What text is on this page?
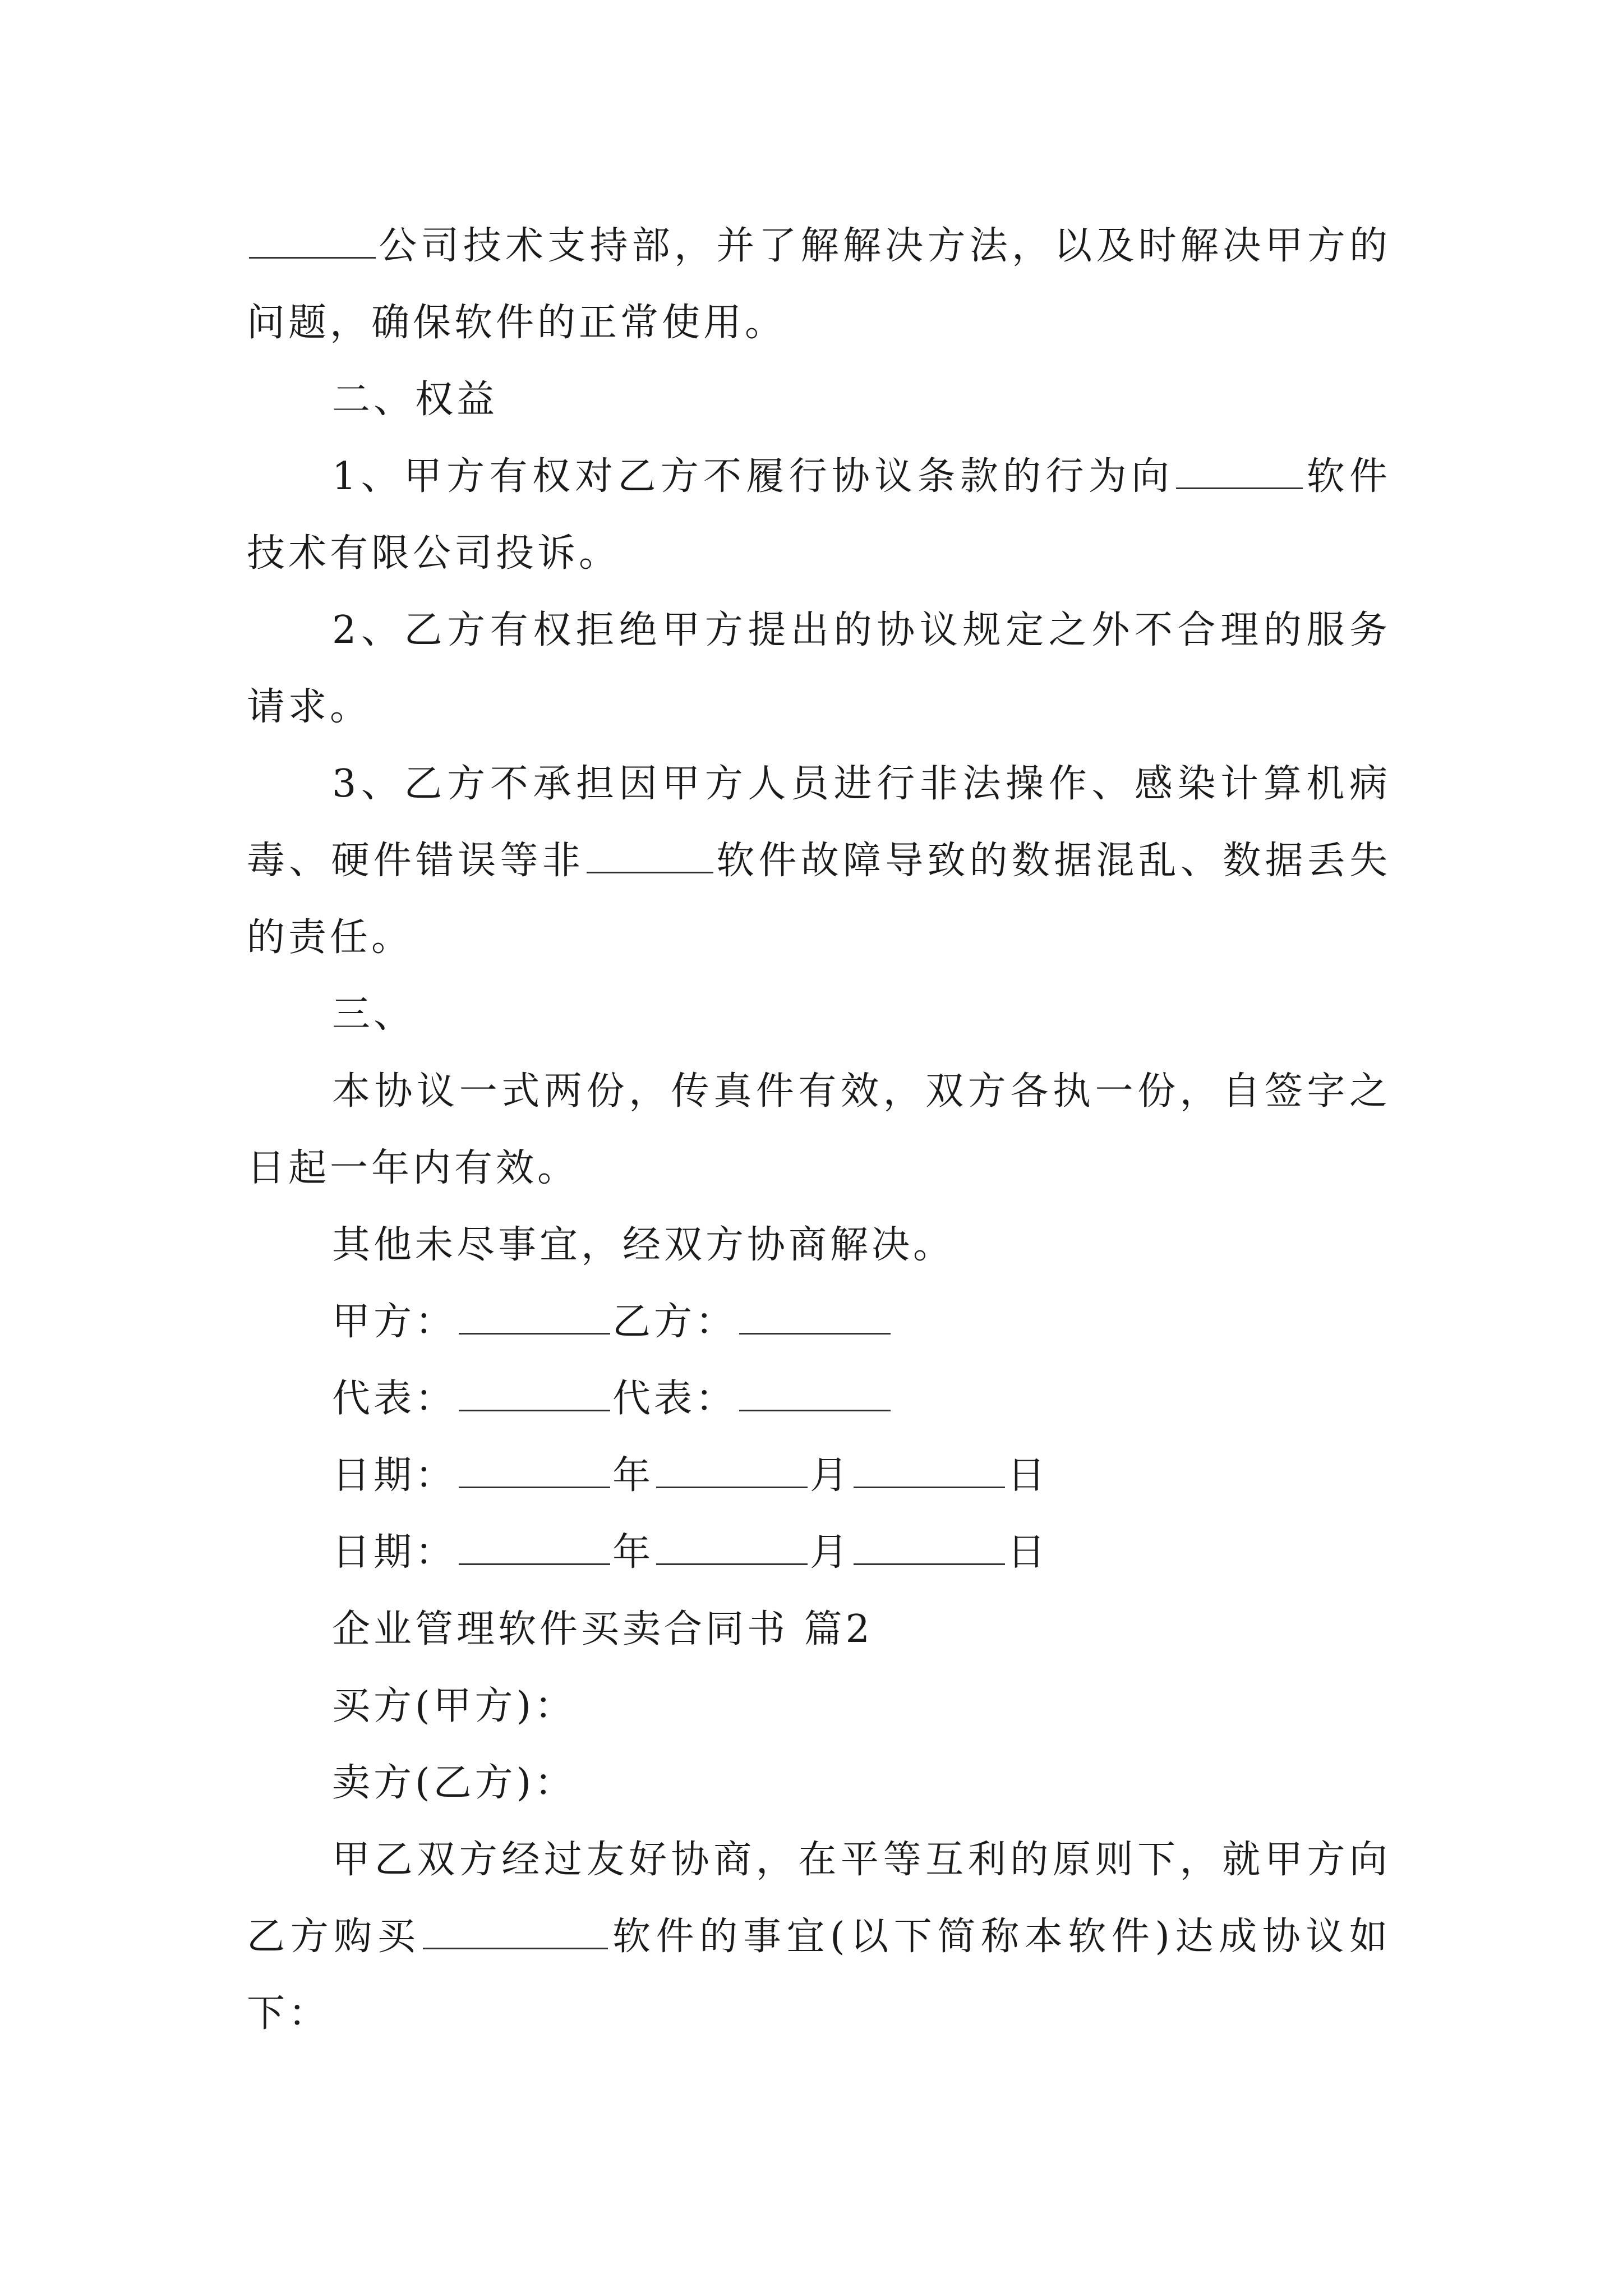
公司技术支持部，并了解解决方法，以及时解决甲方的问题，确保软件的正常使用。

二、权益

1、甲方有权对乙方不履行协议条款的行为向	软件技术有限公司投诉。

2、乙方有权拒绝甲方提出的协议规定之外不合理的服务请求。

3、乙方不承担因甲方人员进行非法操作、感染计算机病毒、硬件错误等非	软件故障导致的数据混乱、数据丢失的责任。

三、

本协议一式两份，传真件有效，双方各执一份，自签字之日起一年内有效。

其他未尽事宜，经双方协商解决。

甲方：	乙方：

代表：	代表：

日期：	年	月	日

日期：	年	月	日

企业管理软件买卖合同书 篇2

买方(甲方)：

卖方(乙方)：

甲乙双方经过友好协商，在平等互利的原则下，就甲方向乙方购买	软件的事宜(以下简称本软件)达成协议如下：
